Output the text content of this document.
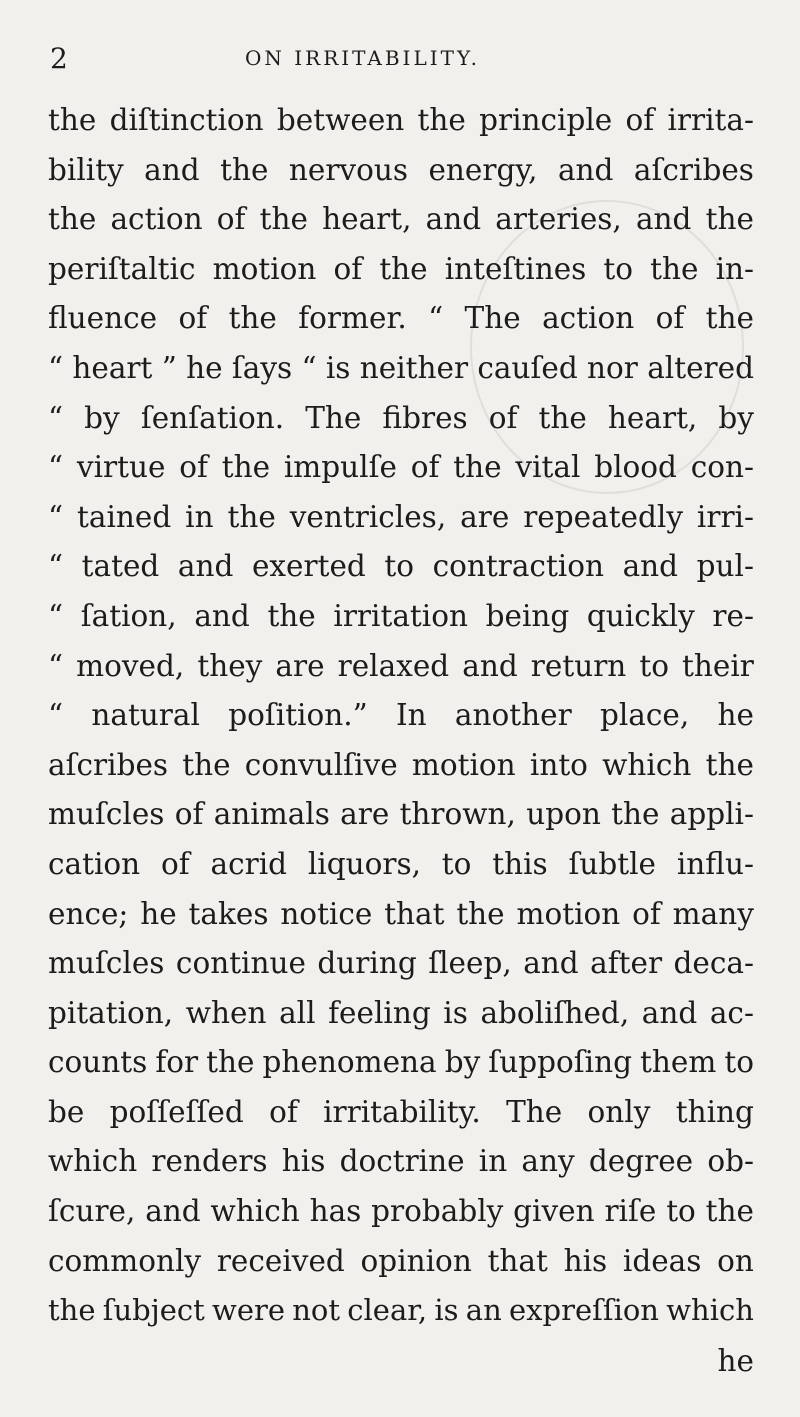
2	ON IRRITABILITY.
the diſtinction between the principle of irrita-
bility and the nervous energy, and aſcribes
the action of the heart, and arteries, and the
periſtaltic motion of the inteſtines to the in-
fluence of the former. “ The action of the
“ heart ” he ſays “ is neither cauſed nor altered
“ by ſenſation. The fibres of the heart, by
“ virtue of the impulſe of the vital blood con-
“ tained in the ventricles, are repeatedly irri-
“ tated and exerted to contraction and pul-
“ ſation, and the irritation being quickly re-
“ moved, they are relaxed and return to their
“ natural poſition.” In another place, he
aſcribes the convulſive motion into which the
muſcles of animals are thrown, upon the appli-
cation of acrid liquors, to this ſubtle influ-
ence; he takes notice that the motion of many
muſcles continue during ſleep, and after deca-
pitation, when all feeling is aboliſhed, and ac-
counts for the phenomena by ſuppoſing them to
be poſſeſſed of irritability. The only thing
which renders his doctrine in any degree ob-
ſcure, and which has probably given riſe to the
commonly received opinion that his ideas on
the ſubject were not clear, is an expreſſion which
he
